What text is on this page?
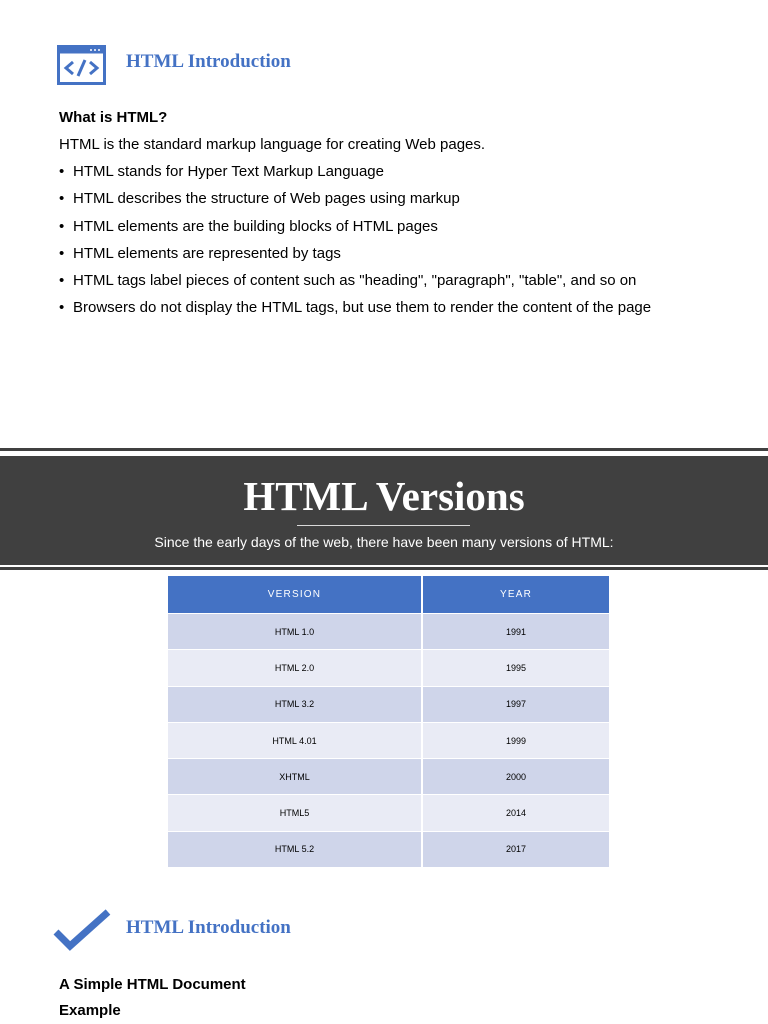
HTML Introduction
What is HTML?
HTML is the standard markup language for creating Web pages.
• HTML stands for Hyper Text Markup Language
• HTML describes the structure of Web pages using markup
• HTML elements are the building blocks of HTML pages
• HTML elements are represented by tags
• HTML tags label pieces of content such as "heading", "paragraph", "table", and so on
• Browsers do not display the HTML tags, but use them to render the content of the page
HTML Versions
Since the early days of the web, there have been many versions of HTML:
VERSION	YEAR
HTML 1.0	1991
HTML 2.0	1995
HTML 3.2	1997
HTML 4.01	1999
XHTML	2000
HTML5	2014
HTML 5.2	2017
HTML Introduction
A Simple HTML Document
Example
